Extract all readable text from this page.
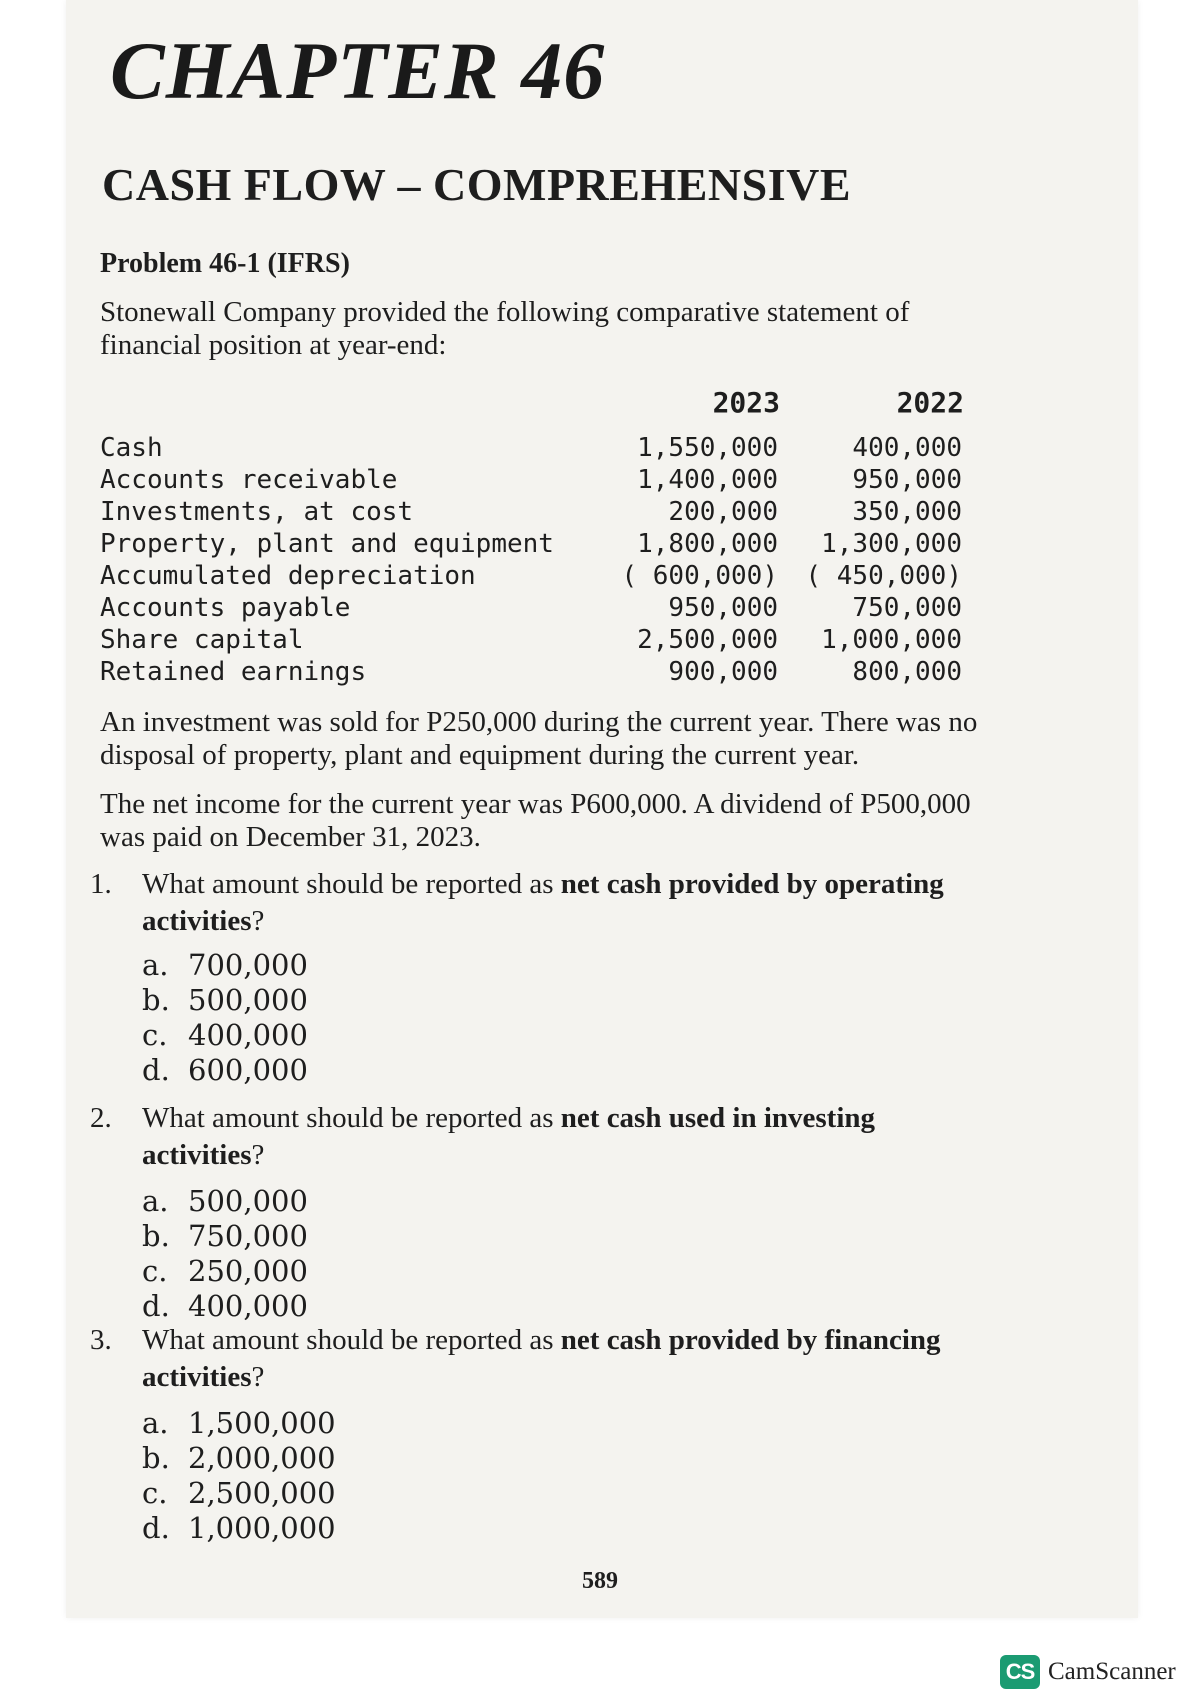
CHAPTER 46
CASH FLOW – COMPREHENSIVE
Problem 46-1 (IFRS)
Stonewall Company provided the following comparative statement of financial position at year-end:
2023	2022
Cash	1,550,000	400,000
Accounts receivable	1,400,000	950,000
Investments, at cost	200,000	350,000
Property, plant and equipment	1,800,000 1,300,000
Accumulated depreciation	( 600,000) ( 450,000)
Accounts payable	950,000	750,000
Share capital	2,500,000 1,000,000
Retained earnings	900,000	800,000
An investment was sold for P250,000 during the current year. There was no disposal of property, plant and equipment during the current year.
The net income for the current year was P600,000. A dividend of P500,000 was paid on December 31, 2023.
1. What amount should be reported as net cash provided by operating activities?
a. 700,000
b. 500,000
c. 400,000
d. 600,000
2. What amount should be reported as net cash used in investing activities?
a. 500,000
b. 750,000
c. 250,000
d. 400,000
3. What amount should be reported as net cash provided by financing activities?
a. 1,500,000
b. 2,000,000
c. 2,500,000
d. 1,000,000
589
CS CamScanner
